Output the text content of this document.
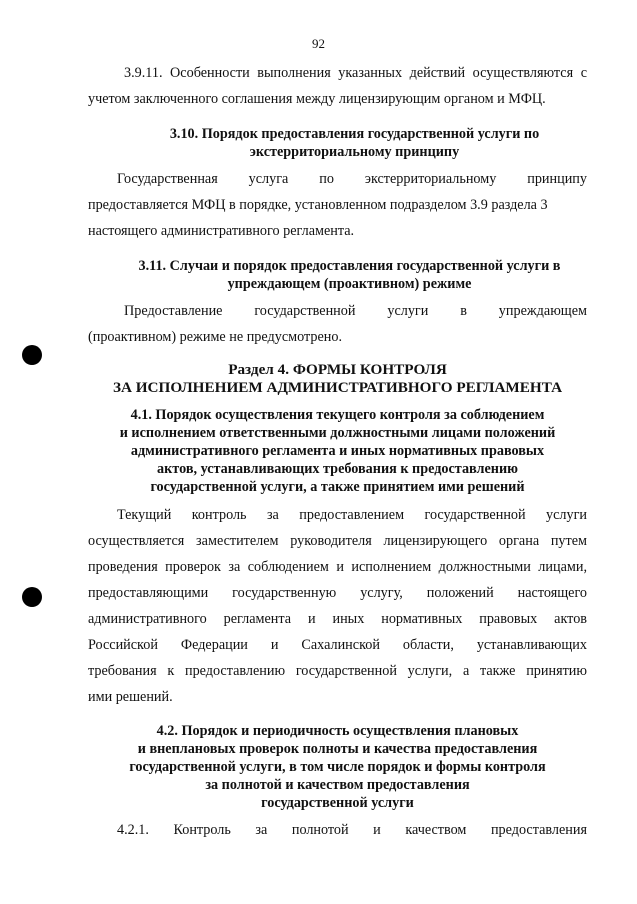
92
3.9.11. Особенности выполнения указанных действий осуществляются с
учетом заключенного соглашения между лицензирующим органом и МФЦ.
3.10. Порядок предоставления государственной услуги по
экстерриториальному принципу
Государственная услуга по экстерриториальному принципу
предоставляется МФЦ в порядке, установленном подразделом 3.9 раздела 3
настоящего административного регламента.
3.11. Случаи и порядок предоставления государственной услуги в
упреждающем (проактивном) режиме
Предоставление государственной услуги в упреждающем
(проактивном) режиме не предусмотрено.
Раздел 4. ФОРМЫ КОНТРОЛЯ
ЗА ИСПОЛНЕНИЕМ АДМИНИСТРАТИВНОГО РЕГЛАМЕНТА
4.1. Порядок осуществления текущего контроля за соблюдением
и исполнением ответственными должностными лицами положений
административного регламента и иных нормативных правовых
актов, устанавливающих требования к предоставлению
государственной услуги, а также принятием ими решений
Текущий контроль за предоставлением государственной услуги
осуществляется заместителем руководителя лицензирующего органа путем
проведения проверок за соблюдением и исполнением должностными лицами,
предоставляющими государственную услугу, положений настоящего
административного регламента и иных нормативных правовых актов
Российской Федерации и Сахалинской области, устанавливающих
требования к предоставлению государственной услуги, а также принятию
ими решений.
4.2. Порядок и периодичность осуществления плановых
и внеплановых проверок полноты и качества предоставления
государственной услуги, в том числе порядок и формы контроля
за полнотой и качеством предоставления
государственной услуги
4.2.1. Контроль за полнотой и качеством предоставления
